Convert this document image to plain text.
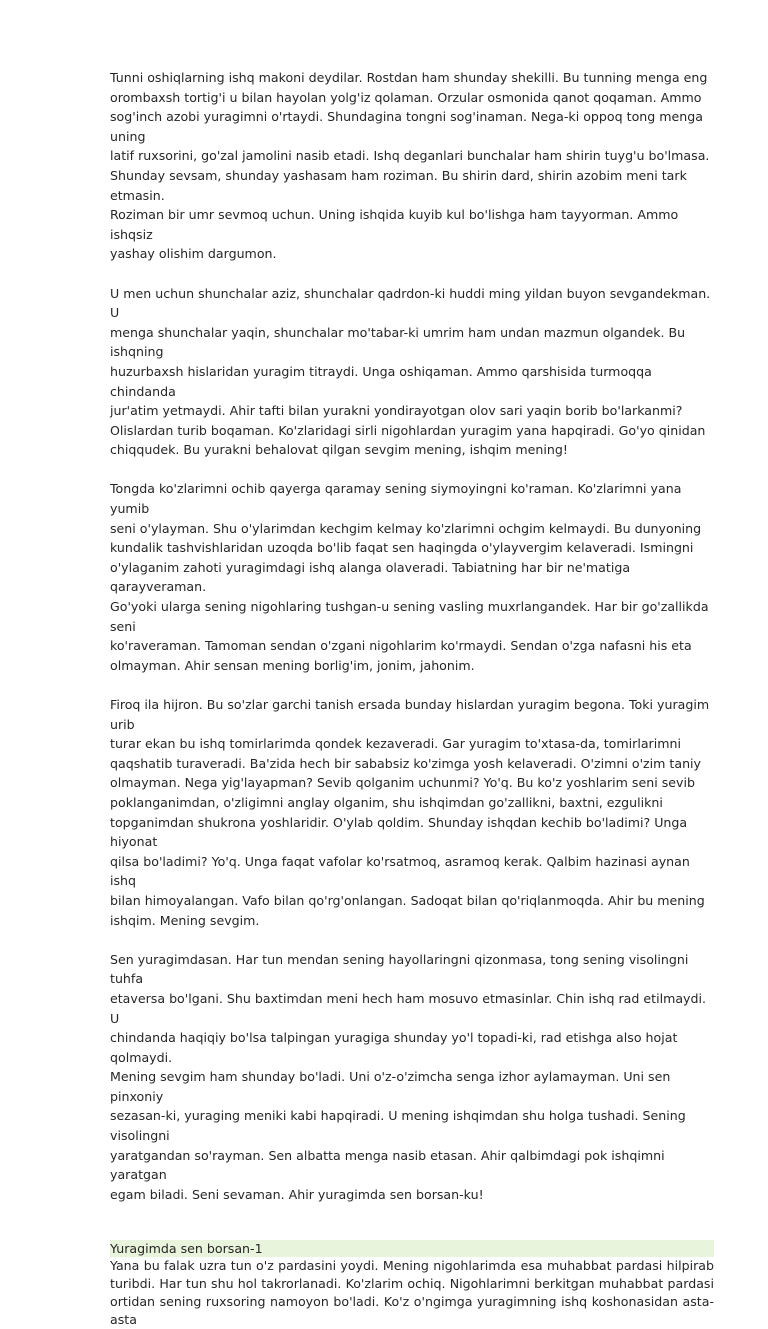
Tunni oshiqlarning ishq makoni deydilar. Rostdan ham shunday shekilli. Bu tunning menga eng
orombaxsh tortig'i u bilan hayolan yolg'iz qolaman. Orzular osmonida qanot qoqaman. Ammo
sog'inch azobi yuragimni o'rtaydi. Shundagina tongni sog'inaman. Nega-ki oppoq tong menga uning
latif ruxsorini, go'zal jamolini nasib etadi. Ishq deganlari bunchalar ham shirin tuyg'u bo'lmasa.
Shunday sevsam, shunday yashasam ham roziman. Bu shirin dard, shirin azobim meni tark etmasin.
Roziman bir umr sevmoq uchun. Uning ishqida kuyib kul bo'lishga ham tayyorman. Ammo ishqsiz
yashay olishim dargumon.

U men uchun shunchalar aziz, shunchalar qadrdon-ki huddi ming yildan buyon sevgandekman. U
menga shunchalar yaqin, shunchalar mo'tabar-ki umrim ham undan mazmun olgandek. Bu ishqning
huzurbaxsh hislaridan yuragim titraydi. Unga oshiqaman. Ammo qarshisida turmoqqa chindanda
jur'atim yetmaydi. Ahir tafti bilan yurakni yondirayotgan olov sari yaqin borib bo'larkanmi?
Olislardan turib boqaman. Ko'zlaridagi sirli nigohlardan yuragim yana hapqiradi. Go'yo qinidan
chiqqudek. Bu yurakni behalovat qilgan sevgim mening, ishqim mening!

Tongda ko'zlarimni ochib qayerga qaramay sening siymoyingni ko'raman. Ko'zlarimni yana yumib
seni o'ylayman. Shu o'ylarimdan kechgim kelmay ko'zlarimni ochgim kelmaydi. Bu dunyoning
kundalik tashvishlaridan uzoqda bo'lib faqat sen haqingda o'ylayvergim kelaveradi. Ismingni
o'ylaganim zahoti yuragimdagi ishq alanga olaveradi. Tabiatning har bir ne'matiga qarayveraman.
Go'yoki ularga sening nigohlaring tushgan-u sening vasling muxrlangandek. Har bir go'zallikda seni
ko'raveraman. Tamoman sendan o'zgani nigohlarim ko'rmaydi. Sendan o'zga nafasni his eta
olmayman. Ahir sensan mening borlig'im, jonim, jahonim.

Firoq ila hijron. Bu so'zlar garchi tanish ersada bunday hislardan yuragim begona. Toki yuragim urib
turar ekan bu ishq tomirlarimda qondek kezaveradi. Gar yuragim to'xtasa-da, tomirlarimni
qaqshatib turaveradi. Ba'zida hech bir sababsiz ko'zimga yosh kelaveradi. O'zimni o'zim taniy
olmayman. Nega yig'layapman? Sevib qolganim uchunmi? Yo'q. Bu ko'z yoshlarim seni sevib
poklanganimdan, o'zligimni anglay olganim, shu ishqimdan go'zallikni, baxtni, ezgulikni
topganimdan shukrona yoshlaridir. O'ylab qoldim. Shunday ishqdan kechib bo'ladimi? Unga hiyonat
qilsa bo'ladimi? Yo'q. Unga faqat vafolar ko'rsatmoq, asramoq kerak. Qalbim hazinasi aynan ishq
bilan himoyalangan. Vafo bilan qo'rg'onlangan. Sadoqat bilan qo'riqlanmoqda. Ahir bu mening
ishqim. Mening sevgim.

Sen yuragimdasan. Har tun mendan sening hayollaringni qizonmasa, tong sening visolingni tuhfa
etaversa bo'lgani. Shu baxtimdan meni hech ham mosuvo etmasinlar. Chin ishq rad etilmaydi. U
chindanda haqiqiy bo'lsa talpingan yuragiga shunday yo'l topadi-ki, rad etishga also hojat qolmaydi.
Mening sevgim ham shunday bo'ladi. Uni o'z-o'zimcha senga izhor aylamayman. Uni sen pinxoniy
sezasan-ki, yuraging meniki kabi hapqiradi. U mening ishqimdan shu holga tushadi. Sening visolingni
yaratgandan so'rayman. Sen albatta menga nasib etasan. Ahir qalbimdagi pok ishqimni yaratgan
egam biladi. Seni sevaman. Ahir yuragimda sen borsan-ku!

Yuragimda sen borsan-1

Yana bu falak uzra tun o'z pardasini yoydi. Mening nigohlarimda esa muhabbat pardasi hilpirab
turibdi. Har tun shu hol takrorlanadi. Ko'zlarim ochiq. Nigohlarimni berkitgan muhabbat pardasi
ortidan sening ruxsoring namoyon bo'ladi. Ko'z o'ngimga yuragimning ishq koshonasidan asta-asta
